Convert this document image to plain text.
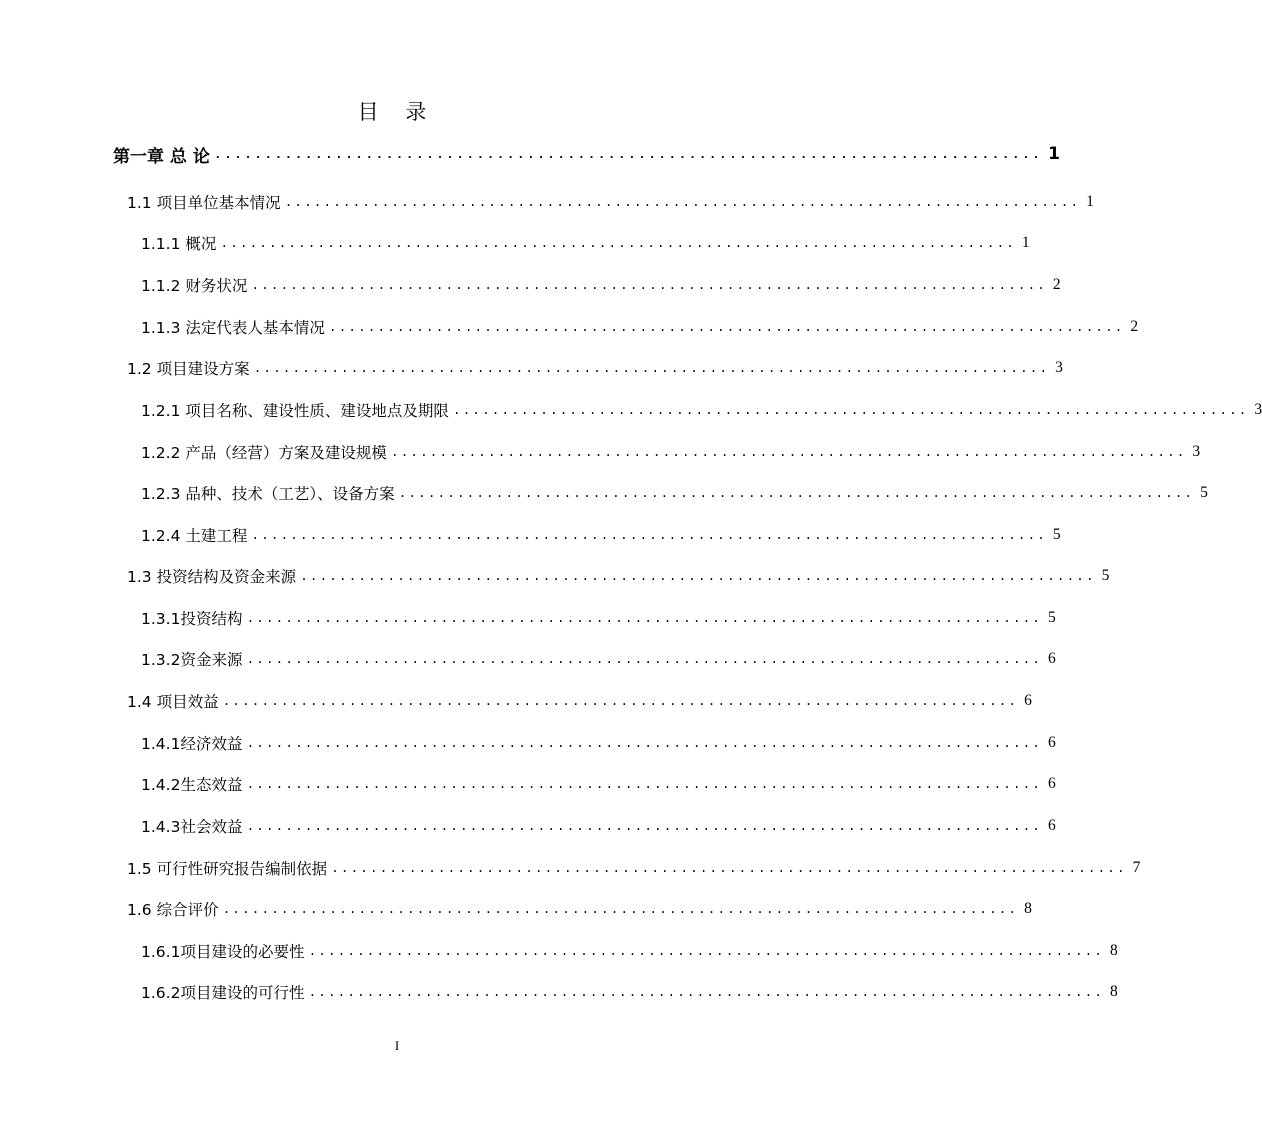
目 录
第一章 总 论 .................................................................................. 1
1.1 项目单位基本情况 .................................................................................. 1
1.1.1 概况 .................................................................................. 1
1.1.2 财务状况 .................................................................................. 2
1.1.3 法定代表人基本情况 .................................................................................. 2
1.2 项目建设方案 .................................................................................. 3
1.2.1 项目名称、建设性质、建设地点及期限 .................................................................................. 3
1.2.2 产品（经营）方案及建设规模 .................................................................................. 3
1.2.3 品种、技术（工艺）、设备方案 .................................................................................. 5
1.2.4 土建工程 .................................................................................. 5
1.3 投资结构及资金来源 .................................................................................. 5
1.3.1投资结构 .................................................................................. 5
1.3.2资金来源 .................................................................................. 6
1.4 项目效益 .................................................................................. 6
1.4.1经济效益 .................................................................................. 6
1.4.2生态效益 .................................................................................. 6
1.4.3社会效益 .................................................................................. 6
1.5 可行性研究报告编制依据 .................................................................................. 7
1.6 综合评价 .................................................................................. 8
1.6.1项目建设的必要性 .................................................................................. 8
1.6.2项目建设的可行性 .................................................................................. 8
I
